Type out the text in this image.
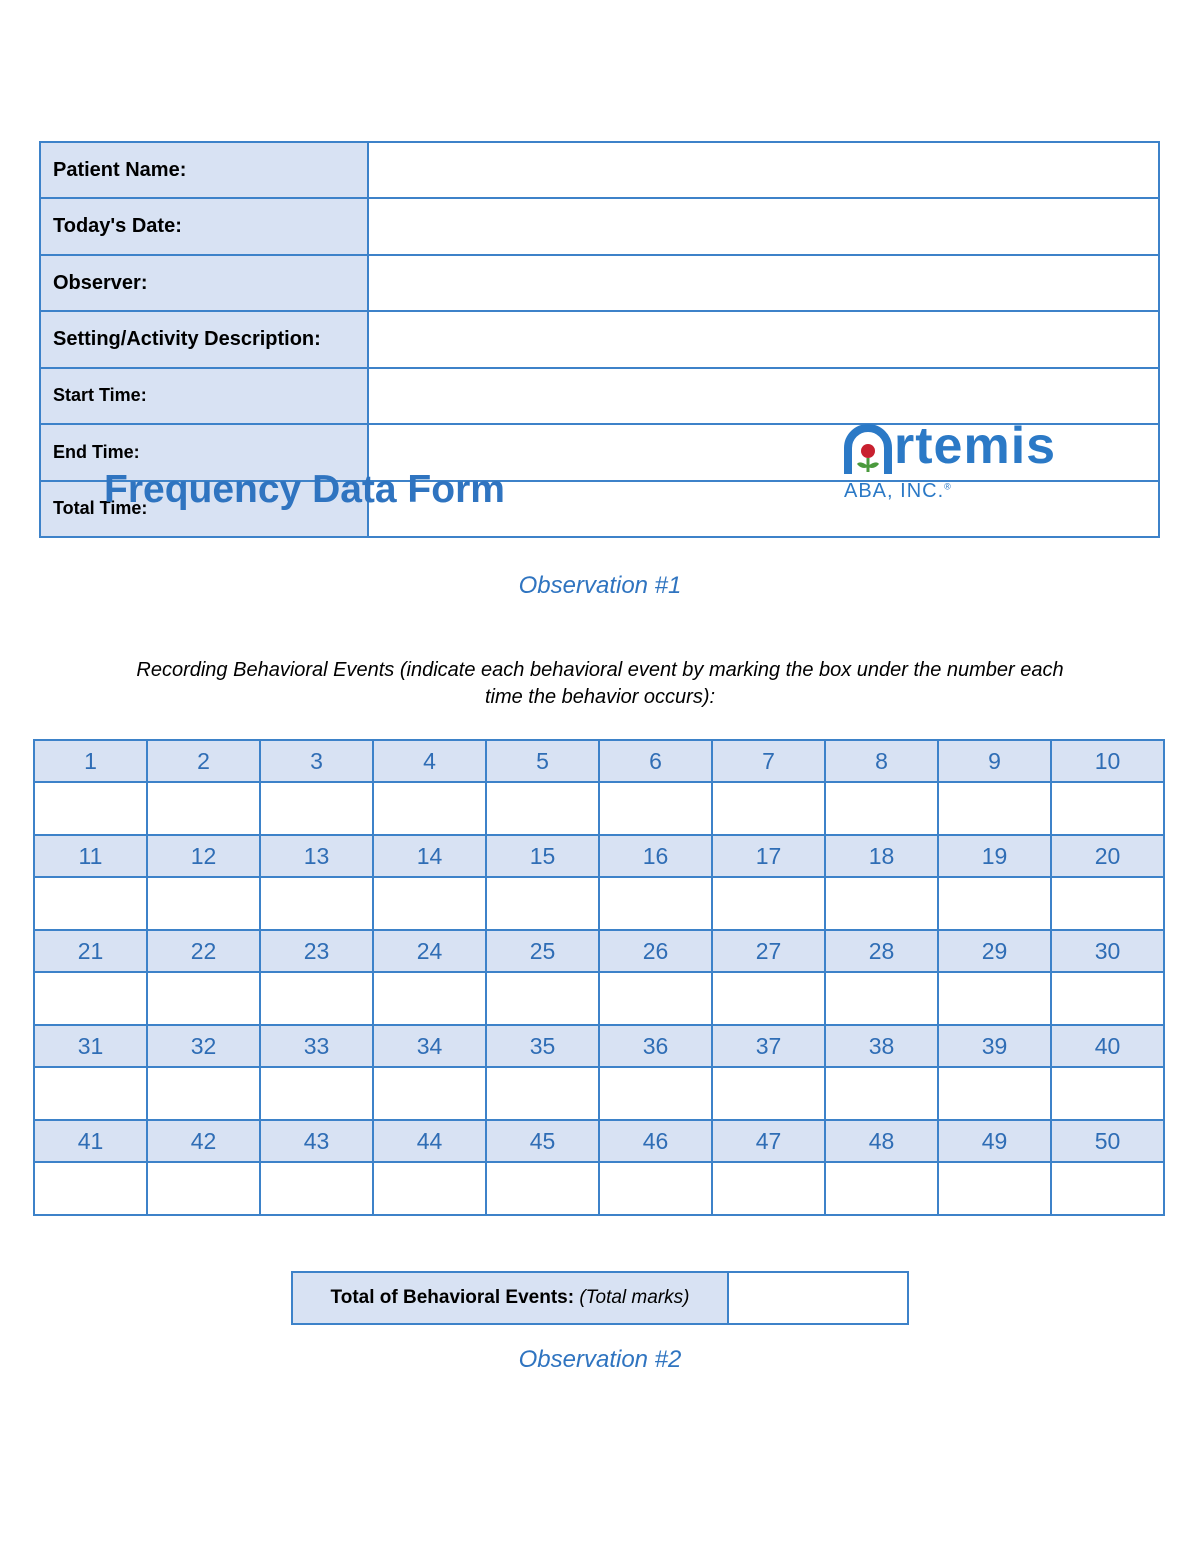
Patient Name:	
Today's Date:	
Observer:	
Setting/Activity Description:	
Start Time:	
End Time:	
Total Time:	
Frequency Data Form
rtemis
ABA, INC.®
Observation #1
Recording Behavioral Events (indicate each behavioral event by marking the box under the number each time the behavior occurs):
1	2	3	4	5	6	7	8	9	10

11	12	13	14	15	16	17	18	19	20

21	22	23	24	25	26	27	28	29	30

31	32	33	34	35	36	37	38	39	40

41	42	43	44	45	46	47	48	49	50

Total of Behavioral Events: (Total marks)	
Observation #2
